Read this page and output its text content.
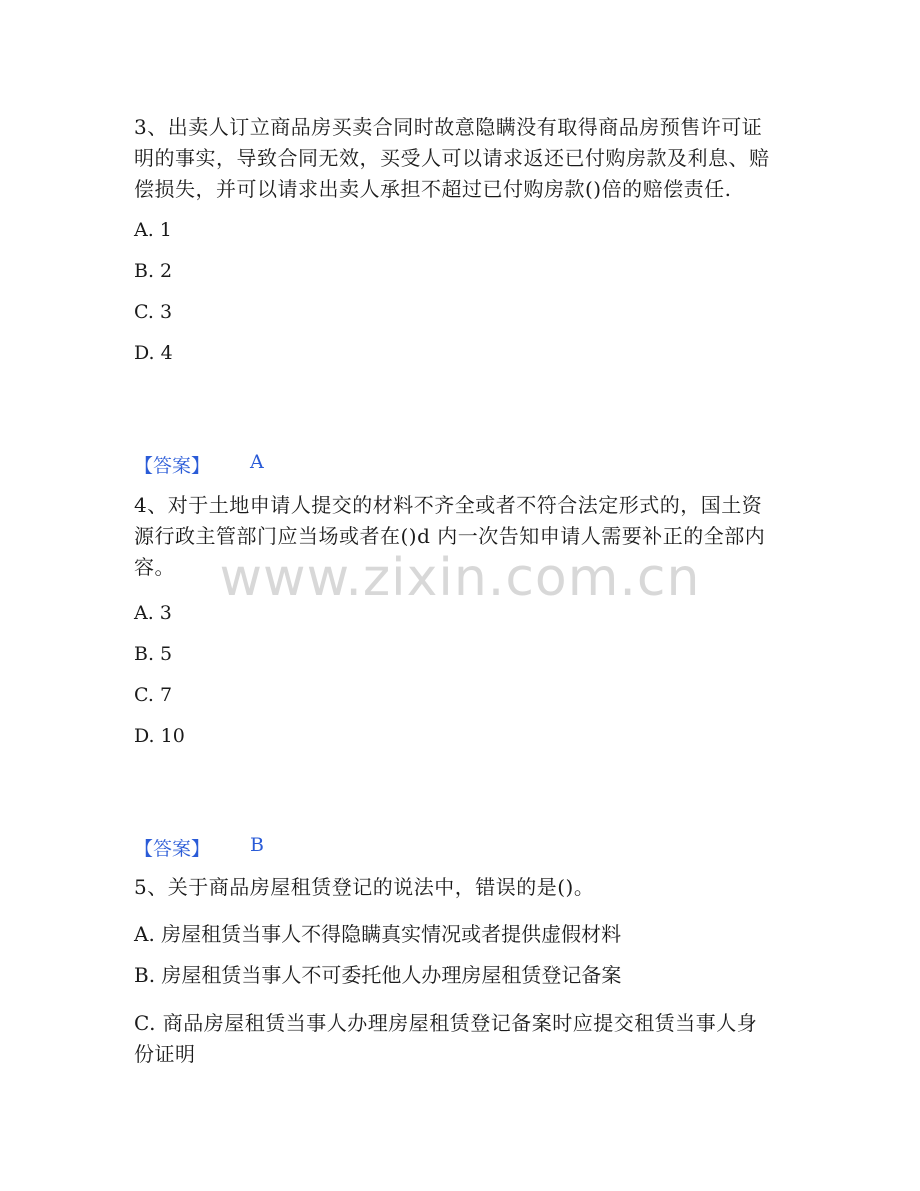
3、出卖人订立商品房买卖合同时故意隐瞒没有取得商品房预售许可证明的事实，导致合同无效，买受人可以请求返还已付购房款及利息、赔偿损失，并可以请求出卖人承担不超过已付购房款()倍的赔偿责任.

A. 1
B. 2
C. 3
D. 4
【答案】 A

4、对于土地申请人提交的材料不齐全或者不符合法定形式的，国土资源行政主管部门应当场或者在()d 内一次告知申请人需要补正的全部内容。

A. 3
B. 5
C. 7
D. 10
【答案】 B

5、关于商品房屋租赁登记的说法中，错误的是()。

A. 房屋租赁当事人不得隐瞒真实情况或者提供虚假材料
B. 房屋租赁当事人不可委托他人办理房屋租赁登记备案

C. 商品房屋租赁当事人办理房屋租赁登记备案时应提交租赁当事人身份证明

www.zixin.com.cn
